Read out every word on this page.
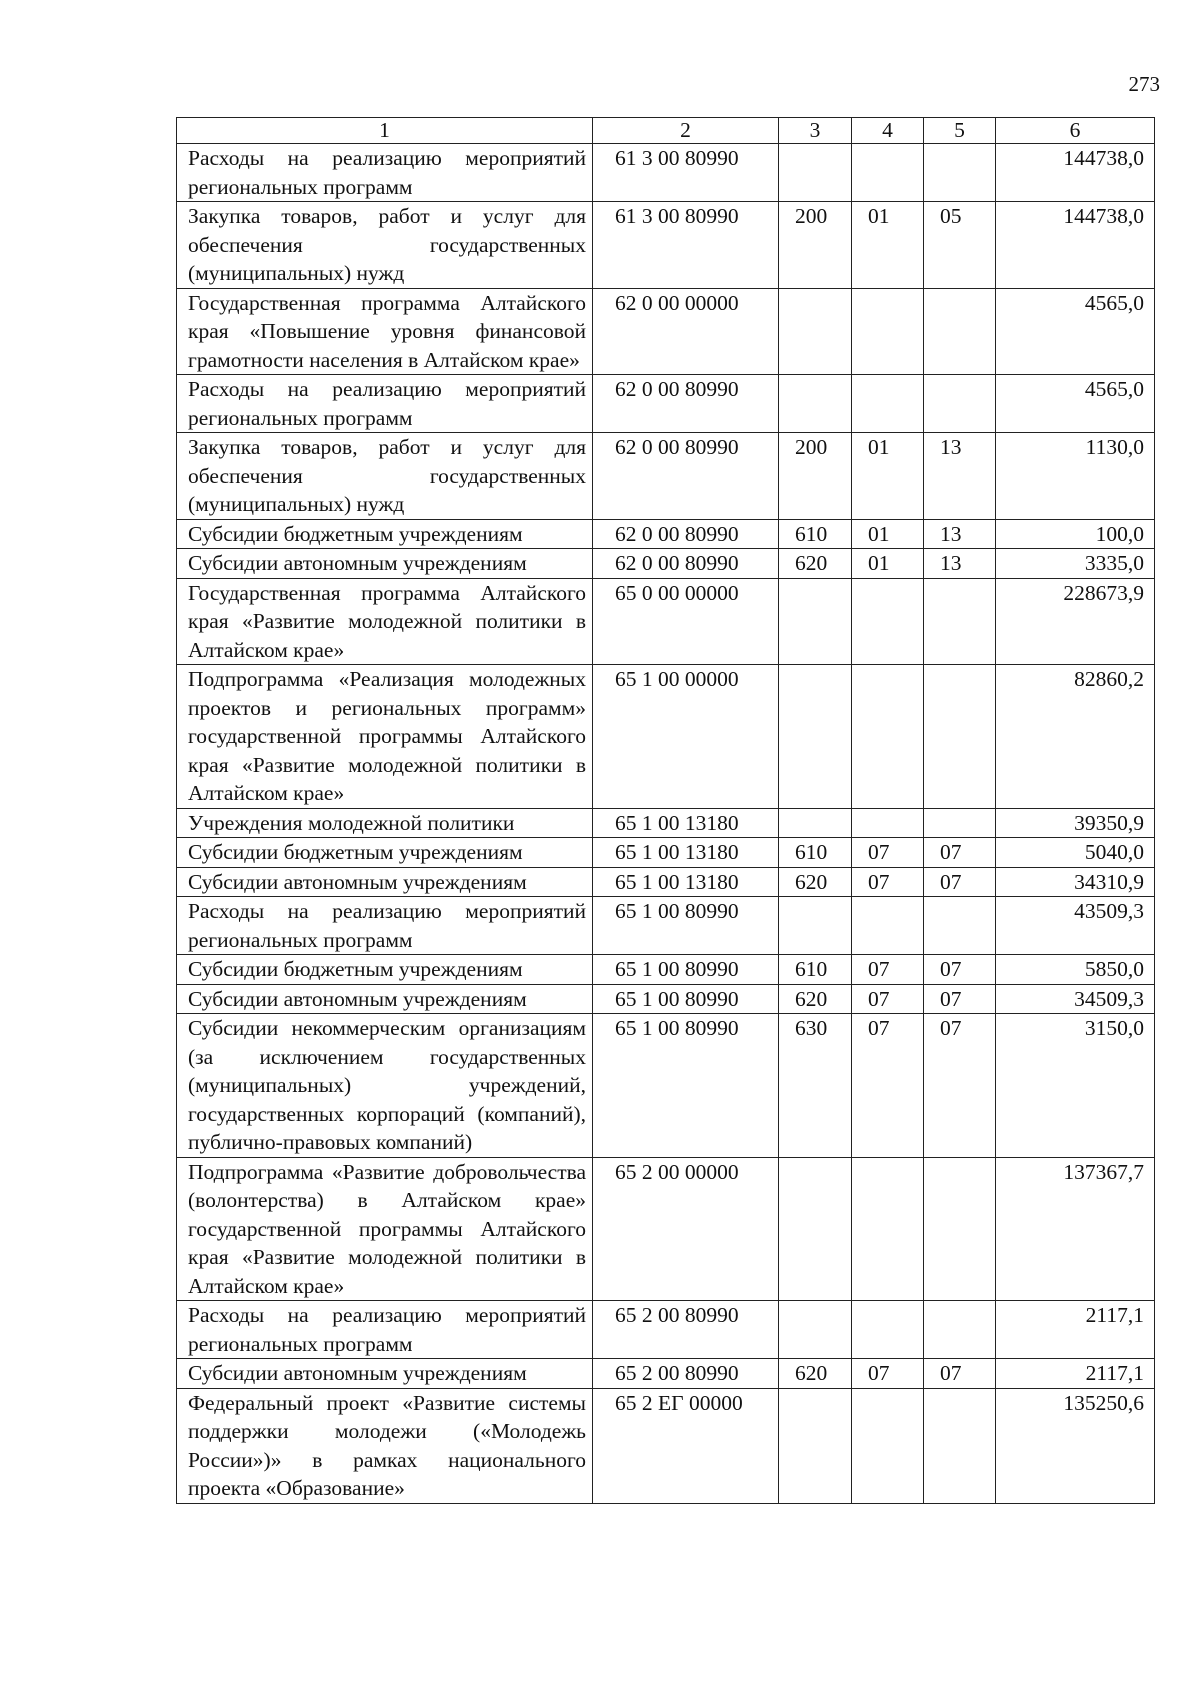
273
1	2	3	4	5	6
Расходы на реализацию мероприятий региональных программ	61 3 00 80990				144738,0
Закупка товаров, работ и услуг для обеспечения государственных (муниципальных) нужд	61 3 00 80990	200	01	05	144738,0
Государственная программа Алтайского края «Повышение уровня финансовой грамотности населения в Алтайском крае»	62 0 00 00000				4565,0
Расходы на реализацию мероприятий региональных программ	62 0 00 80990				4565,0
Закупка товаров, работ и услуг для обеспечения государственных (муниципальных) нужд	62 0 00 80990	200	01	13	1130,0
Субсидии бюджетным учреждениям	62 0 00 80990	610	01	13	100,0
Субсидии автономным учреждениям	62 0 00 80990	620	01	13	3335,0
Государственная программа Алтайского края «Развитие молодежной политики в Алтайском крае»	65 0 00 00000				228673,9
Подпрограмма «Реализация молодежных проектов и региональных программ» государственной программы Алтайского края «Развитие молодежной политики в Алтайском крае»	65 1 00 00000				82860,2
Учреждения молодежной политики	65 1 00 13180				39350,9
Субсидии бюджетным учреждениям	65 1 00 13180	610	07	07	5040,0
Субсидии автономным учреждениям	65 1 00 13180	620	07	07	34310,9
Расходы на реализацию мероприятий региональных программ	65 1 00 80990				43509,3
Субсидии бюджетным учреждениям	65 1 00 80990	610	07	07	5850,0
Субсидии автономным учреждениям	65 1 00 80990	620	07	07	34509,3
Субсидии некоммерческим организациям (за исключением государственных (муниципальных) учреждений, государственных корпораций (компаний), публично-правовых компаний)	65 1 00 80990	630	07	07	3150,0
Подпрограмма «Развитие добровольчества (волонтерства) в Алтайском крае» государственной программы Алтайского края «Развитие молодежной политики в Алтайском крае»	65 2 00 00000				137367,7
Расходы на реализацию мероприятий региональных программ	65 2 00 80990				2117,1
Субсидии автономным учреждениям	65 2 00 80990	620	07	07	2117,1
Федеральный проект «Развитие системы поддержки молодежи («Молодежь России»)» в рамках национального проекта «Образование»	65 2 ЕГ 00000				135250,6
